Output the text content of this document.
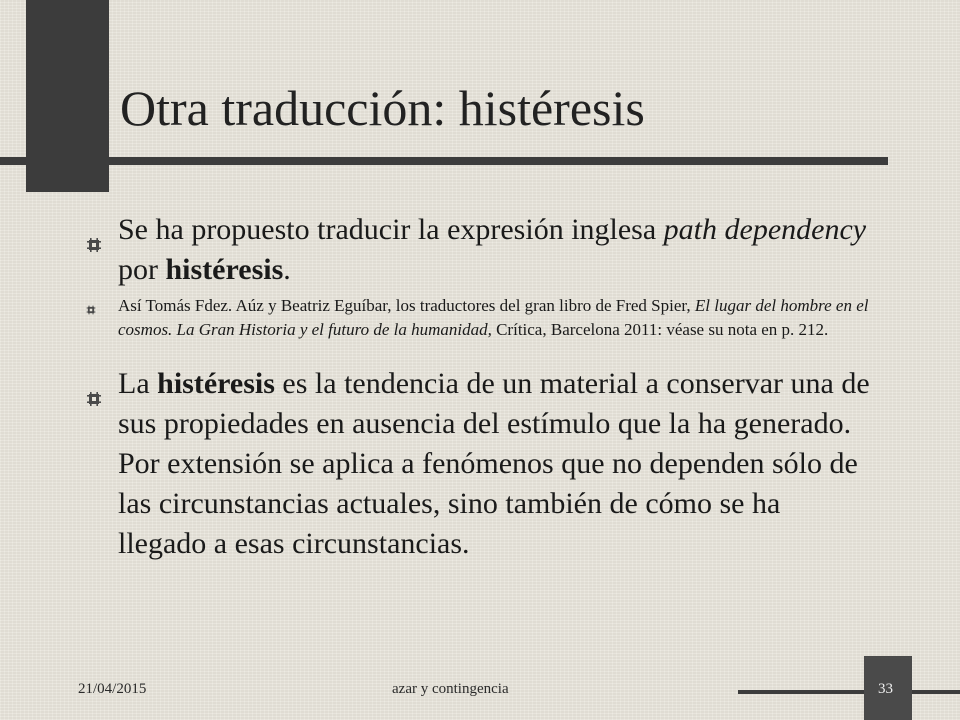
Otra traducción: histéresis
Se ha propuesto traducir la expresión inglesa path dependency por histéresis.
Así Tomás Fdez. Aúz y Beatriz Eguíbar, los traductores del gran libro de Fred Spier, El lugar del hombre en el cosmos. La Gran Historia y el futuro de la humanidad, Crítica, Barcelona 2011: véase su nota en p. 212.
La histéresis es la tendencia de un material a conservar una de sus propiedades en ausencia del estímulo que la ha generado. Por extensión se aplica a fenómenos que no dependen sólo de las circunstancias actuales, sino también de cómo se ha llegado a esas circunstancias.
21/04/2015	azar y contingencia	33
